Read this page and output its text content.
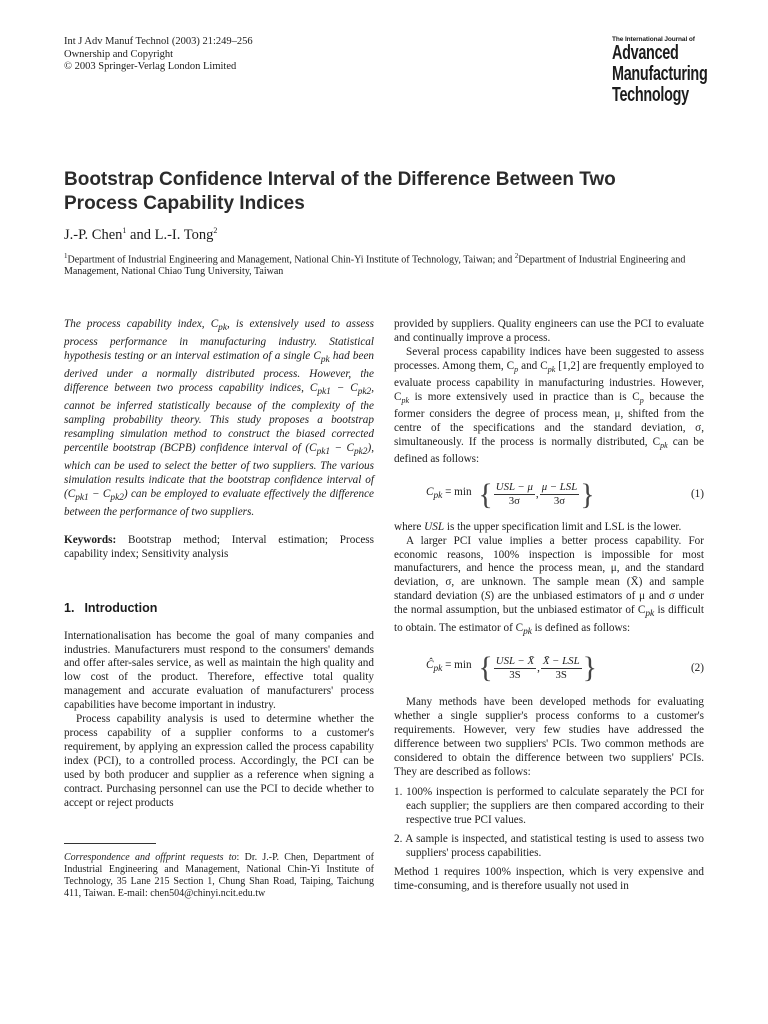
Int J Adv Manuf Technol (2003) 21:249–256
Ownership and Copyright
© 2003 Springer-Verlag London Limited
The International Journal of
Advanced
Manufacturing
Technology
Bootstrap Confidence Interval of the Difference Between Two
Process Capability Indices
J.-P. Chen$^1$ and L.-I. Tong$^2$
$^1$Department of Industrial Engineering and Management, National Chin-Yi Institute of Technology, Taiwan; and $^2$Department of Industrial Engineering and Management, National Chiao Tung University, Taiwan

The process capability index, $C_{pk}$, is extensively used to assess process performance in manufacturing industry. Statistical hypothesis testing or an interval estimation of a single $C_{pk}$ had been derived under a normally distributed process. However, the difference between two process capability indices, $C_{pk1} - C_{pk2}$, cannot be inferred statistically because of the complexity of the sampling probability theory. This study proposes a bootstrap resampling simulation method to construct the biased corrected percentile bootstrap (BCPB) confidence interval of $(C_{pk1} - C_{pk2})$, which can be used to select the better of two suppliers. The various simulation results indicate that the bootstrap confidence interval of $(C_{pk1} - C_{pk2})$ can be employed to evaluate effectively the difference between the performance of two suppliers.

Keywords: Bootstrap method; Interval estimation; Process capability index; Sensitivity analysis

1. Introduction

Internationalisation has become the goal of many companies and industries. Manufacturers must respond to the consumers' demands and offer after-sales service, as well as maintain the high quality and low cost of the product. Therefore, effective total quality management and accurate evaluation of manufacturers' process capabilities have become important in industry.

Process capability analysis is used to determine whether the process capability of a supplier conforms to a customer's requirement, by applying an expression called the process capability index (PCI), to a controlled process. Accordingly, the PCI can be used by both producer and supplier as a reference when signing a contract. Purchasing personnel can use the PCI to decide whether to accept or reject products

Correspondence and offprint requests to: Dr. J.-P. Chen, Department of Industrial Engineering and Management, National Chin-Yi Institute of Technology, 35 Lane 215 Section 1, Chung Shan Road, Taiping, Taichung 411, Taiwan. E-mail: chen504@chinyi.ncit.edu.tw

provided by suppliers. Quality engineers can use the PCI to evaluate and continually improve a process.

Several process capability indices have been suggested to assess processes. Among them, $C_p$ and $C_{pk}$ [1,2] are frequently employed to evaluate process capability in manufacturing industries. However, $C_{pk}$ is more extensively used in practice than is $C_p$ because the former considers the degree of process mean, μ, shifted from the centre of the specifications and the standard deviation, σ, simultaneously. If the process is normally distributed, $C_{pk}$ can be defined as follows:

$C_{pk} = \min$ { $\frac{\text{USL − μ}}{3\sigma}$ , $\frac{\text{μ − LSL}}{3\sigma}$ }	(1)

where USL is the upper specification limit and LSL is the lower.

A larger PCI value implies a better process capability. For economic reasons, 100% inspection is impossible for most manufacturers, and hence the process mean, μ, and the standard deviation, σ, are unknown. The sample mean (X̄) and sample standard deviation (S) are the unbiased estimators of μ and σ under the normal assumption, but the unbiased estimator of $C_{pk}$ is difficult to obtain. The estimator of $C_{pk}$ is defined as follows:

$Ĉ_{pk} = \min$ { $\frac{\text{USL − X̄}}{3S}$ , $\frac{\text{X̄ − LSL}}{3S}$ }	(2)

Many methods have been developed methods for evaluating whether a single supplier's process conforms to a customer's requirements. However, very few studies have addressed the difference between two suppliers' PCIs. Two common methods are considered to obtain the difference between two suppliers' PCIs. They are described as follows:

1. 100% inspection is performed to calculate separately the PCI for each supplier; the suppliers are then compared according to their respective true PCI values.
2. A sample is inspected, and statistical testing is used to assess two suppliers' process capabilities.

Method 1 requires 100% inspection, which is very expensive and time-consuming, and is therefore usually not used in
